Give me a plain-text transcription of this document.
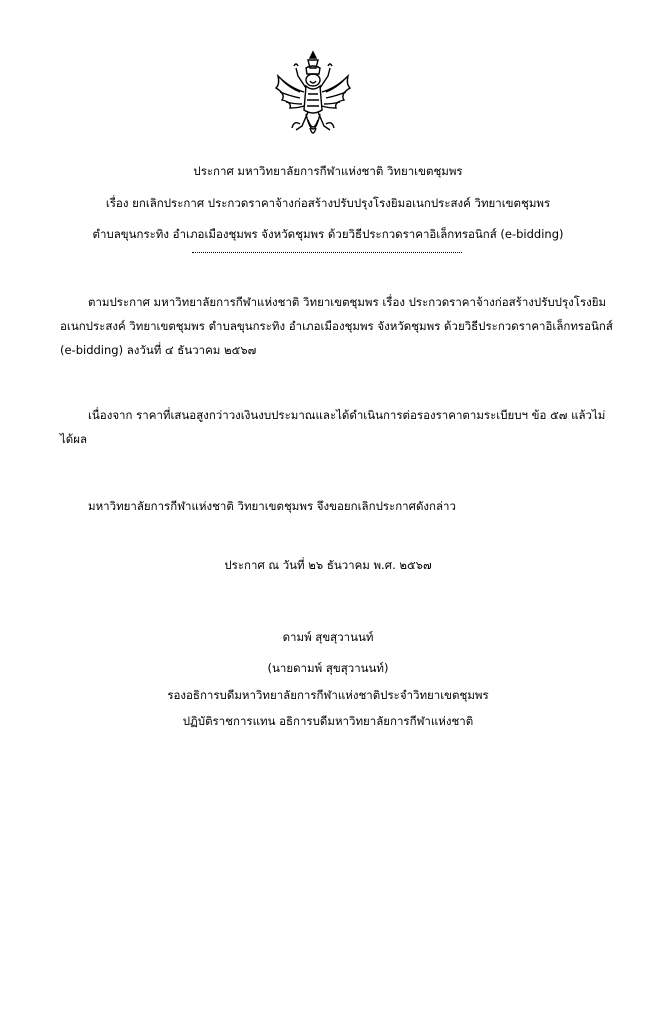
ประกาศ มหาวิทยาลัยการกีฬาแห่งชาติ วิทยาเขตชุมพร
เรื่อง ยกเลิกประกาศ ประกวดราคาจ้างก่อสร้างปรับปรุงโรงยิมอเนกประสงค์ วิทยาเขตชุมพร
ตำบลขุนกระทิง อำเภอเมืองชุมพร จังหวัดชุมพร ด้วยวิธีประกวดราคาอิเล็กทรอนิกส์ (e-bidding)
ตามประกาศ มหาวิทยาลัยการกีฬาแห่งชาติ วิทยาเขตชุมพร เรื่อง ประกวดราคาจ้างก่อสร้างปรับปรุงโรงยิม
อเนกประสงค์ วิทยาเขตชุมพร ตำบลขุนกระทิง อำเภอเมืองชุมพร จังหวัดชุมพร ด้วยวิธีประกวดราคาอิเล็กทรอนิกส์
(e-bidding) ลงวันที่ ๔ ธันวาคม ๒๕๖๗
เนื่องจาก ราคาที่เสนอสูงกว่าวงเงินงบประมาณและได้ดำเนินการต่อรองราคาตามระเบียบฯ ข้อ ๕๗ แล้วไม่
ได้ผล
มหาวิทยาลัยการกีฬาแห่งชาติ วิทยาเขตชุมพร จึงขอยกเลิกประกาศดังกล่าว
ประกาศ ณ วันที่ ๒๖ ธันวาคม พ.ศ. ๒๕๖๗
ดามพ์ สุขสุวานนท์
(นายดามพ์ สุขสุวานนท์)
รองอธิการบดีมหาวิทยาลัยการกีฬาแห่งชาติประจำวิทยาเขตชุมพร
ปฏิบัติราชการแทน อธิการบดีมหาวิทยาลัยการกีฬาแห่งชาติ
